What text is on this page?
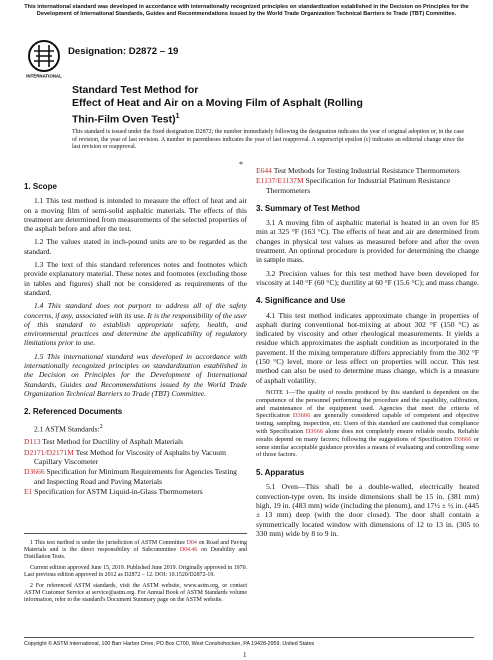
This international standard was developed in accordance with internationally recognized principles on standardization established in the Decision on Principles for the Development of International Standards, Guides and Recommendations issued by the World Trade Organization Technical Barriers to Trade (TBT) Committee.
INTERNATIONAL
Designation: D2872 – 19
Standard Test Method for
Effect of Heat and Air on a Moving Film of Asphalt (Rolling
Thin-Film Oven Test)$^1$
This standard is issued under the fixed designation D2872; the number immediately following the designation indicates the year of original adoption or, in the case of revision, the year of last revision. A number in parentheses indicates the year of last reapproval. A superscript epsilon (ε) indicates an editorial change since the last revision or reapproval.
*
1. Scope

1.1 This test method is intended to measure the effect of heat and air on a moving film of semi-solid asphaltic materials. The effects of this treatment are determined from measurements of the selected properties of the asphalt before and after the test.

1.2 The values stated in inch-pound units are to be regarded as the standard.

1.3 The text of this standard references notes and footnotes which provide explanatory material. These notes and footnotes (excluding those in tables and figures) shall not be considered as requirements of the standard.

1.4 This standard does not purport to address all of the safety concerns, if any, associated with its use. It is the responsibility of the user of this standard to establish appropriate safety, health, and environmental practices and determine the applicability of regulatory limitations prior to use.

1.5 This international standard was developed in accordance with internationally recognized principles on standardization established in the Decision on Principles for the Development of International Standards, Guides and Recommendations issued by the World Trade Organization Technical Barriers to Trade (TBT) Committee.

2. Referenced Documents

2.1 ASTM Standards:$^2$

D113 Test Method for Ductility of Asphalt Materials
D2171/D2171M Test Method for Viscosity of Asphalts by Vacuum Capillary Viscometer
D3666 Specification for Minimum Requirements for Agencies Testing and Inspecting Road and Paving Materials
E1 Specification for ASTM Liquid-in-Glass Thermometers

1 This test method is under the jurisdiction of ASTM Committee D04 on Road and Paving Materials and is the direct responsibility of Subcommittee D04.46 on Durability and Distillation Tests.

Current edition approved June 15, 2019. Published June 2019. Originally approved in 1970. Last previous edition approved in 2012 as D2872 – 12. DOI: 10.1520/D2872-19.

2 For referenced ASTM standards, visit the ASTM website, www.astm.org, or contact ASTM Customer Service at service@astm.org. For Annual Book of ASTM Standards volume information, refer to the standard's Document Summary page on the ASTM website.

E644 Test Methods for Testing Industrial Resistance Thermometers
E1137/E1137M Specification for Industrial Platinum Resistance Thermometers
3. Summary of Test Method

3.1 A moving film of asphaltic material is heated in an oven for 85 min at 325 °F (163 °C). The effects of heat and air are determined from changes in physical test values as measured before and after the oven treatment. An optional procedure is provided for determining the change in sample mass.

3.2 Precision values for this test method have been developed for viscosity at 140 °F (60 °C); ductility at 60 °F (15.6 °C); and mass change.

4. Significance and Use

4.1 This test method indicates approximate change in properties of asphalt during conventional hot-mixing at about 302 °F (150 °C) as indicated by viscosity and other rheological measurements. It yields a residue which approximates the asphalt condition as incorporated in the pavement. If the mixing temperature differs appreciably from the 302 °F (150 °C) level, more or less effect on properties will occur. This test method can also be used to determine mass change, which is a measure of asphalt volatility.

NOTE 1—The quality of results produced by this standard is dependent on the competence of the personnel performing the procedure and the capability, calibration, and maintenance of the equipment used. Agencies that meet the criteria of Specification D3666 are generally considered capable of competent and objective testing, sampling, inspection, etc. Users of this standard are cautioned that compliance with Specification D3666 alone does not completely ensure reliable results. Reliable results depend on many factors; following the suggestions of Specification D3666 or some similar acceptable guidance provides a means of evaluating and controlling some of those factors.

5. Apparatus

5.1 Oven—This shall be a double-walled, electrically heated convection-type oven. Its inside dimensions shall be 15 in. (381 mm) high, 19 in. (483 mm) wide (including the plenum), and 17½ ± ½ in. (445 ± 13 mm) deep (with the door closed). The door shall contain a symmetrically located window with dimensions of 12 to 13 in. (305 to 330 mm) wide by 8 to 9 in.

Copyright © ASTM International, 100 Barr Harbor Drive, PO Box C700, West Conshohocken, PA 19428-2959. United States
1
